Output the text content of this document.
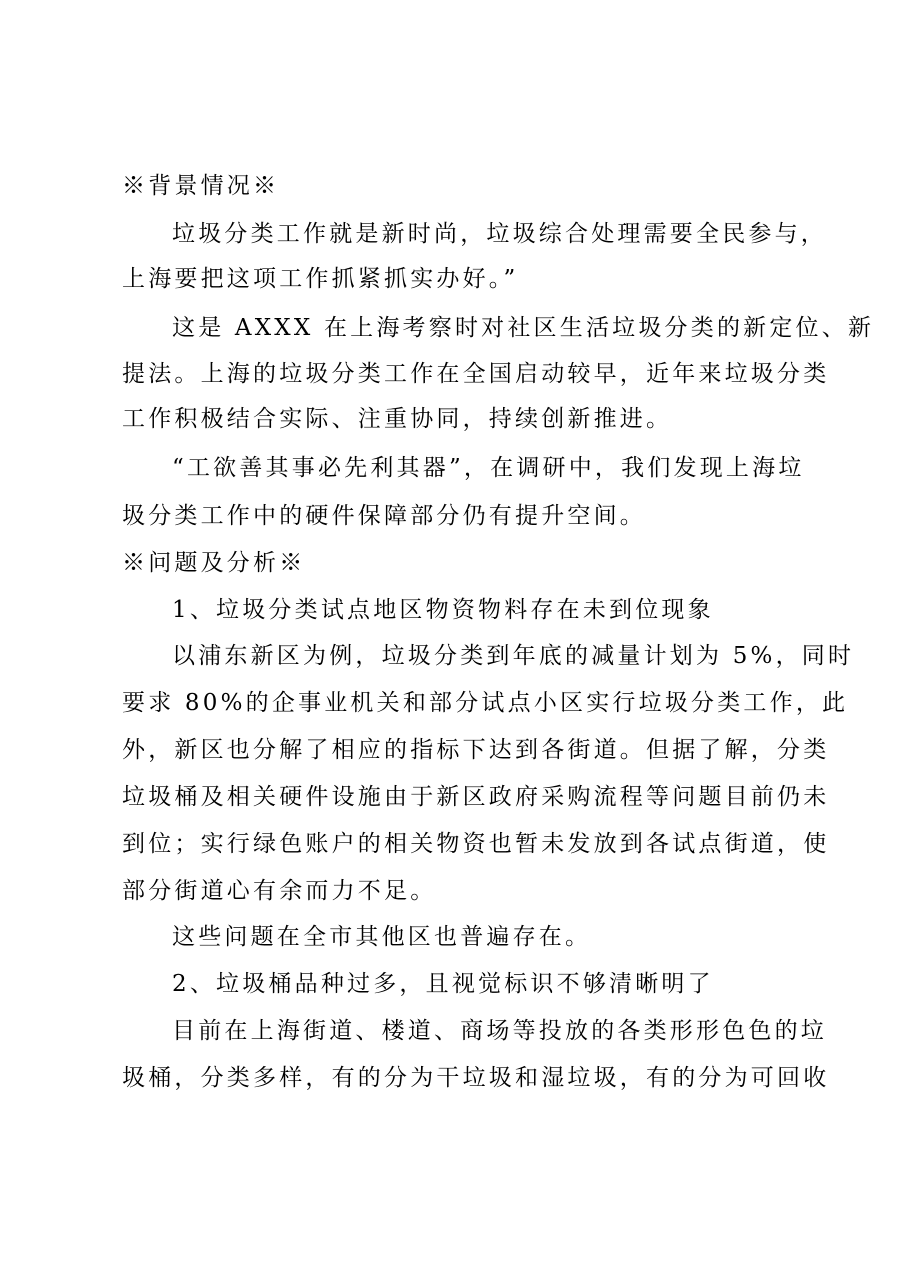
※背景情况※
垃圾分类工作就是新时尚，垃圾综合处理需要全民参与，
上海要把这项工作抓紧抓实办好。”
这是 AXXX 在上海考察时对社区生活垃圾分类的新定位、新
提法。上海的垃圾分类工作在全国启动较早，近年来垃圾分类
工作积极结合实际、注重协同，持续创新推进。
“工欲善其事必先利其器”，在调研中，我们发现上海垃
圾分类工作中的硬件保障部分仍有提升空间。
※问题及分析※
1、垃圾分类试点地区物资物料存在未到位现象
以浦东新区为例，垃圾分类到年底的减量计划为 5%，同时
要求 80%的企事业机关和部分试点小区实行垃圾分类工作，此
外，新区也分解了相应的指标下达到各街道。但据了解，分类
垃圾桶及相关硬件设施由于新区政府采购流程等问题目前仍未
到位；实行绿色账户的相关物资也暂未发放到各试点街道，使
部分街道心有余而力不足。
这些问题在全市其他区也普遍存在。
2、垃圾桶品种过多，且视觉标识不够清晰明了
目前在上海街道、楼道、商场等投放的各类形形色色的垃
圾桶，分类多样，有的分为干垃圾和湿垃圾，有的分为可回收
